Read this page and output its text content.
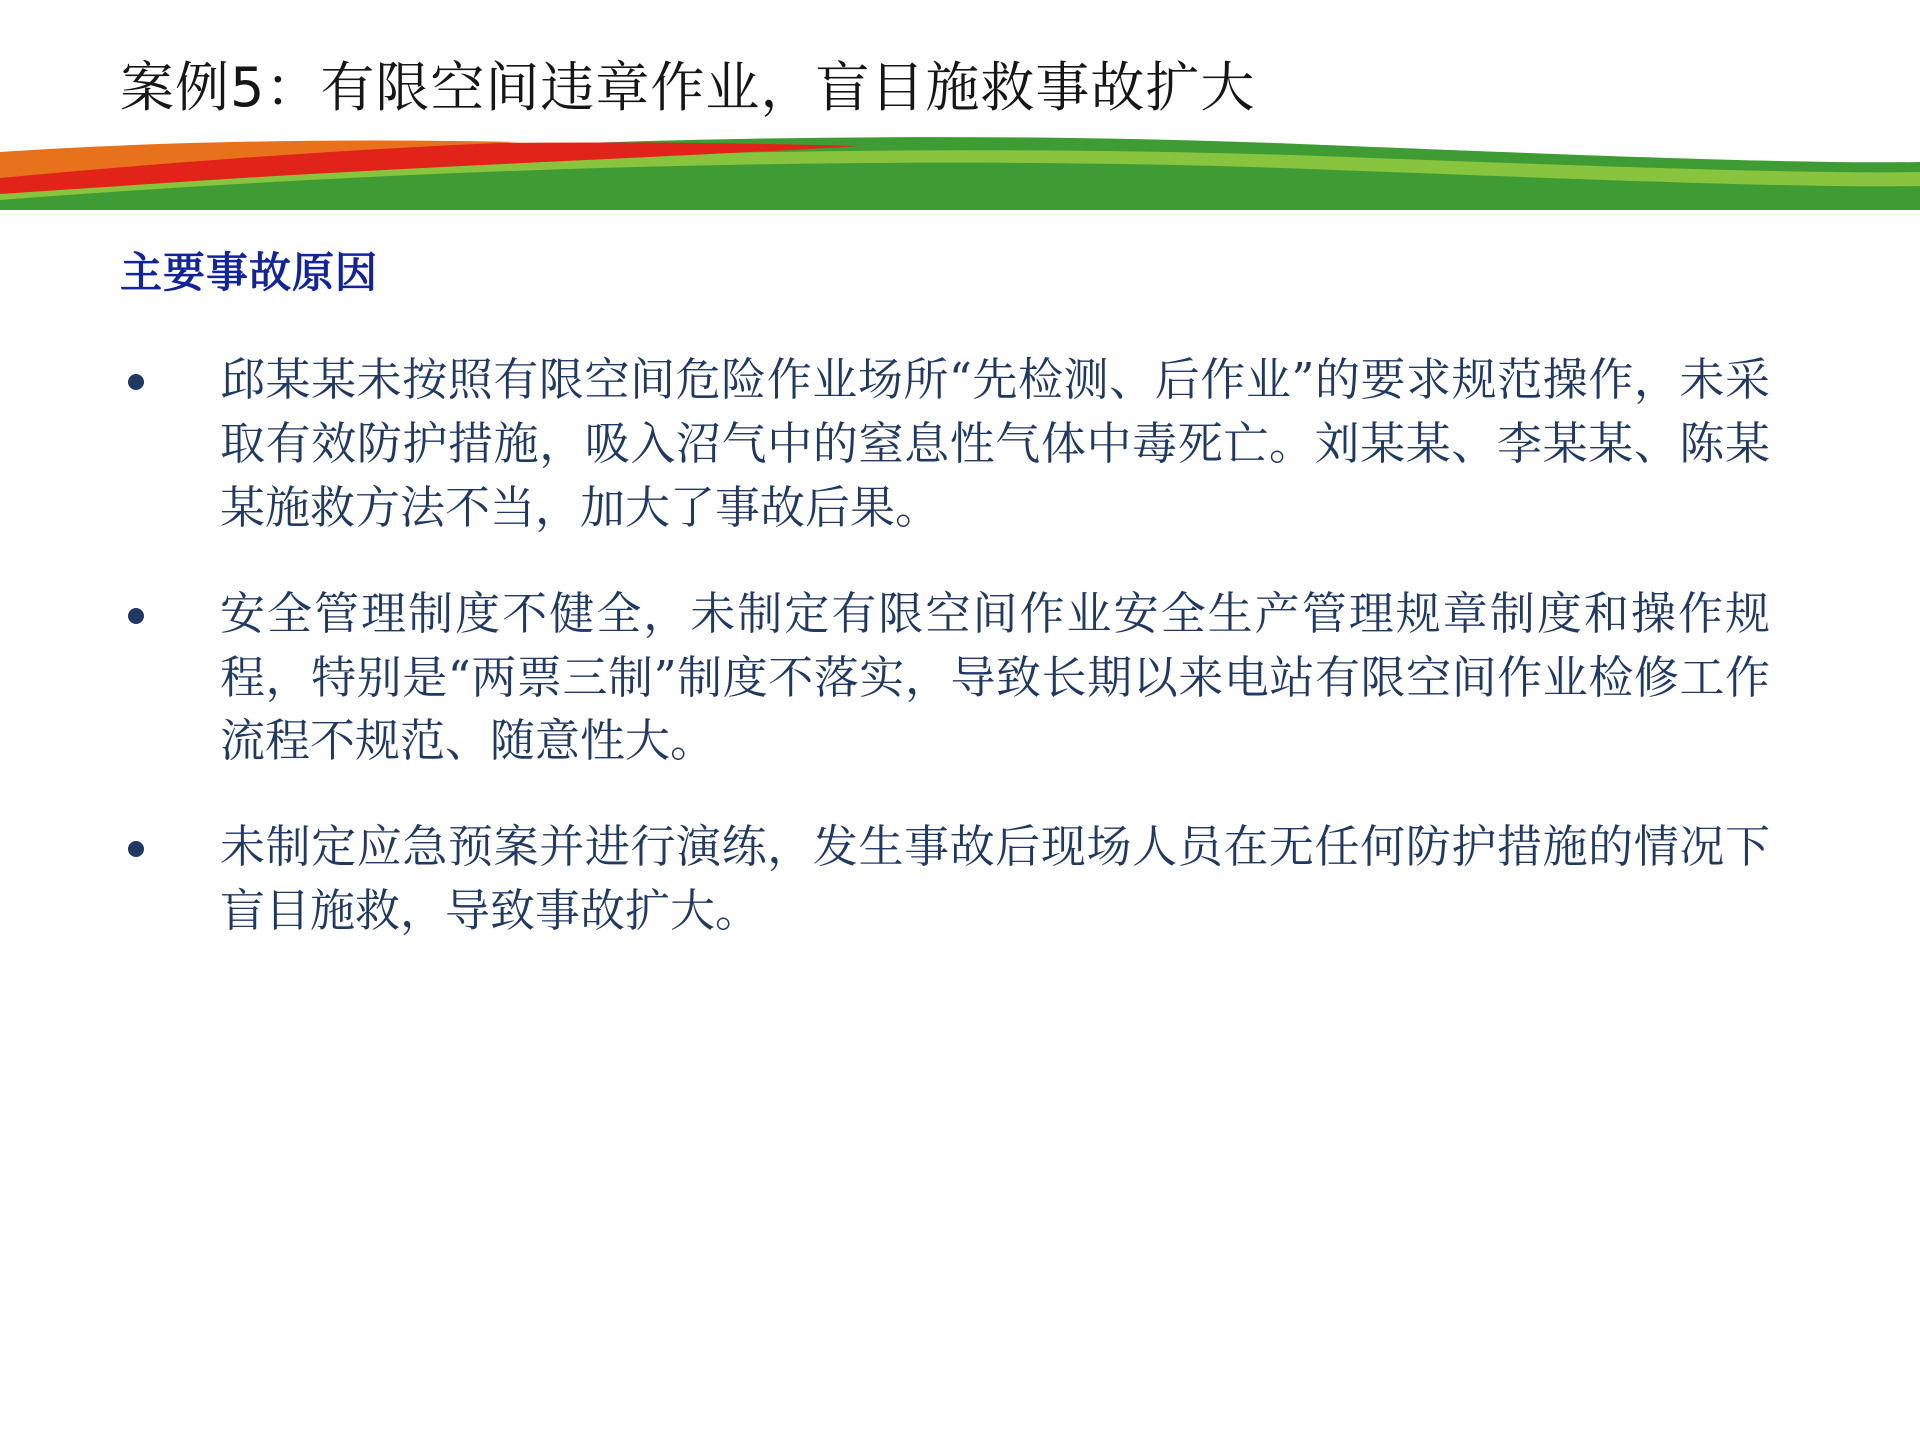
案例5：有限空间违章作业，盲目施救事故扩大
主要事故原因
邱某某未按照有限空间危险作业场所“先检测、后作业”的要求规范操作，未采取有效防护措施，吸入沼气中的窒息性气体中毒死亡。刘某某、李某某、陈某某施救方法不当，加大了事故后果。
安全管理制度不健全，未制定有限空间作业安全生产管理规章制度和操作规程，特别是“两票三制”制度不落实，导致长期以来电站有限空间作业检修工作流程不规范、随意性大。
未制定应急预案并进行演练，发生事故后现场人员在无任何防护措施的情况下盲目施救，导致事故扩大。
